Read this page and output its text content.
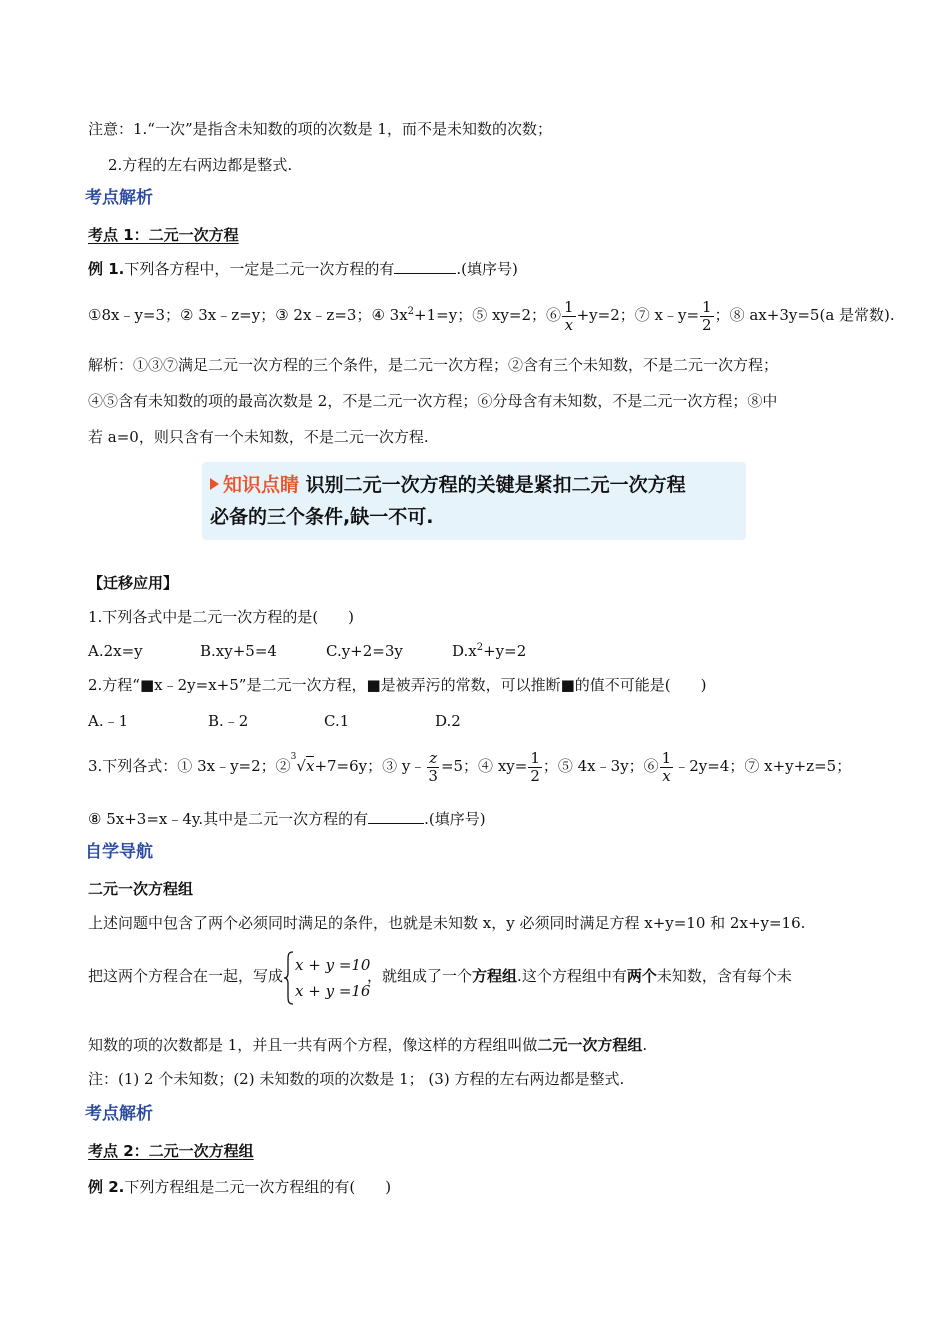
注意：1.“一次”是指含未知数的项的次数是 1，而不是未知数的次数；
2.方程的左右两边都是整式.
考点解析
考点 1：二元一次方程
例 1.下列各方程中，一定是二元一次方程的有	.(填序号)
①8x﹣y=3；② 3x﹣z=y；③ 2x﹣z=3；④ $3x^2+1=y$；⑤ xy=2；⑥ $\frac{1}{x} +y=2$；⑦ x﹣y= $\frac{1}{2}$ ；⑧ ax+3y=5(a 是常数).
解析：①③⑦满足二元一次方程的三个条件，是二元一次方程；②含有三个未知数，不是二元一次方程；
④⑤含有未知数的项的最高次数是 2，不是二元一次方程；⑥分母含有未知数，不是二元一次方程；⑧中
若 a=0，则只含有一个未知数，不是二元一次方程.
知识点睛 识别二元一次方程的关键是紧扣二元一次方程
必备的三个条件,缺一不可.
【迁移应用】
1.下列各式中是二元一次方程的是(　　)
A.2x=y	B.xy+5=4	C.y+2=3y	$D.x^2+y=2$
2.方程“■x﹣2y=x+5”是二元一次方程，■是被弄污的常数，可以推断■的值不可能是(　　)
A.﹣1	B.﹣2	C.1	D.2
3.下列各式：① 3x﹣y=2；②$^3$√x+7=6y；③ y﹣ $\frac{z}{3} =5$；④ $xy= \frac{1}{2}$ ；⑤ 4x﹣3y；⑥ $\frac{1}{x}$ ﹣2y=4；⑦ x+y+z=5；
⑧ 5x+3=x﹣4y.其中是二元一次方程的有	.(填序号)
自学导航
二元一次方程组
上述问题中包含了两个必须同时满足的条件，也就是未知数 x，y 必须同时满足方程 x+y=10 和 2x+y=16.
把这两个方程合在一起，写成
x + y =10
x + y =16
，就组成了一个方程组.这个方程组中有两个未知数，含有每个未
知数的项的次数都是 1，并且一共有两个方程，像这样的方程组叫做二元一次方程组.
注：(1) 2 个未知数；(2) 未知数的项的次数是 1； (3) 方程的左右两边都是整式.
考点解析
考点 2：二元一次方程组
例 2.下列方程组是二元一次方程组的有(　　)
